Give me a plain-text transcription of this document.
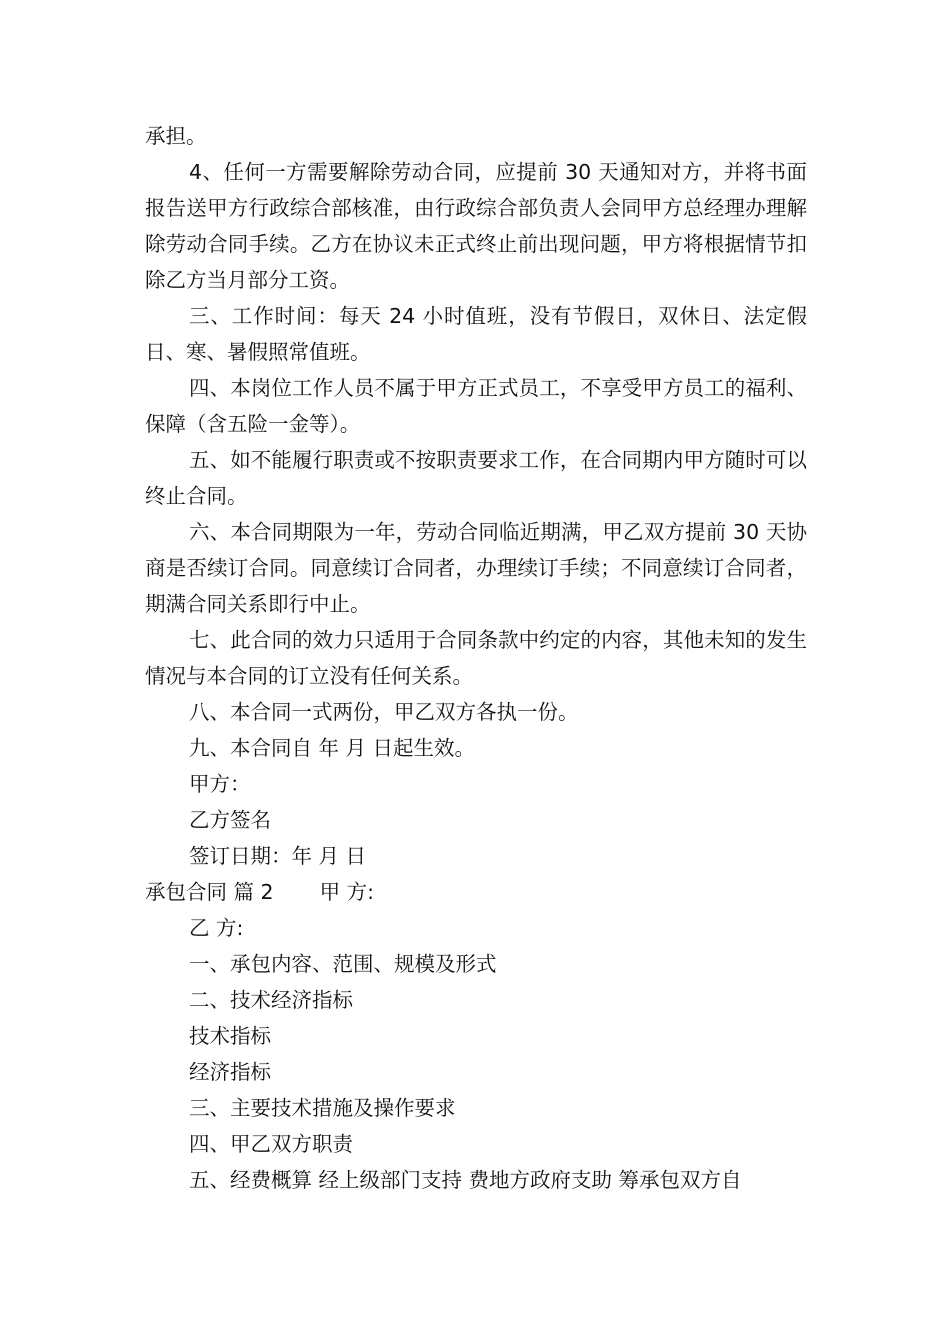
承担。

4、任何一方需要解除劳动合同，应提前 30 天通知对方，并将书面报告送甲方行政综合部核准，由行政综合部负责人会同甲方总经理办理解除劳动合同手续。乙方在协议未正式终止前出现问题，甲方将根据情节扣除乙方当月部分工资。

三、工作时间：每天 24 小时值班，没有节假日，双休日、法定假日、寒、暑假照常值班。

四、本岗位工作人员不属于甲方正式员工，不享受甲方员工的福利、保障（含五险一金等）。

五、如不能履行职责或不按职责要求工作，在合同期内甲方随时可以终止合同。

六、本合同期限为一年，劳动合同临近期满，甲乙双方提前 30 天协商是否续订合同。同意续订合同者，办理续订手续；不同意续订合同者，期满合同关系即行中止。

七、此合同的效力只适用于合同条款中约定的内容，其他未知的发生情况与本合同的订立没有任何关系。

八、本合同一式两份，甲乙双方各执一份。

九、本合同自 年 月 日起生效。

甲方：

乙方签名

签订日期：年 月 日

承包合同 篇 2 甲 方:

乙 方:

一、承包内容、范围、规模及形式

二、技术经济指标

技术指标

经济指标

三、主要技术措施及操作要求

四、甲乙双方职责

五、经费概算 经上级部门支持 费地方政府支助 筹承包双方自
